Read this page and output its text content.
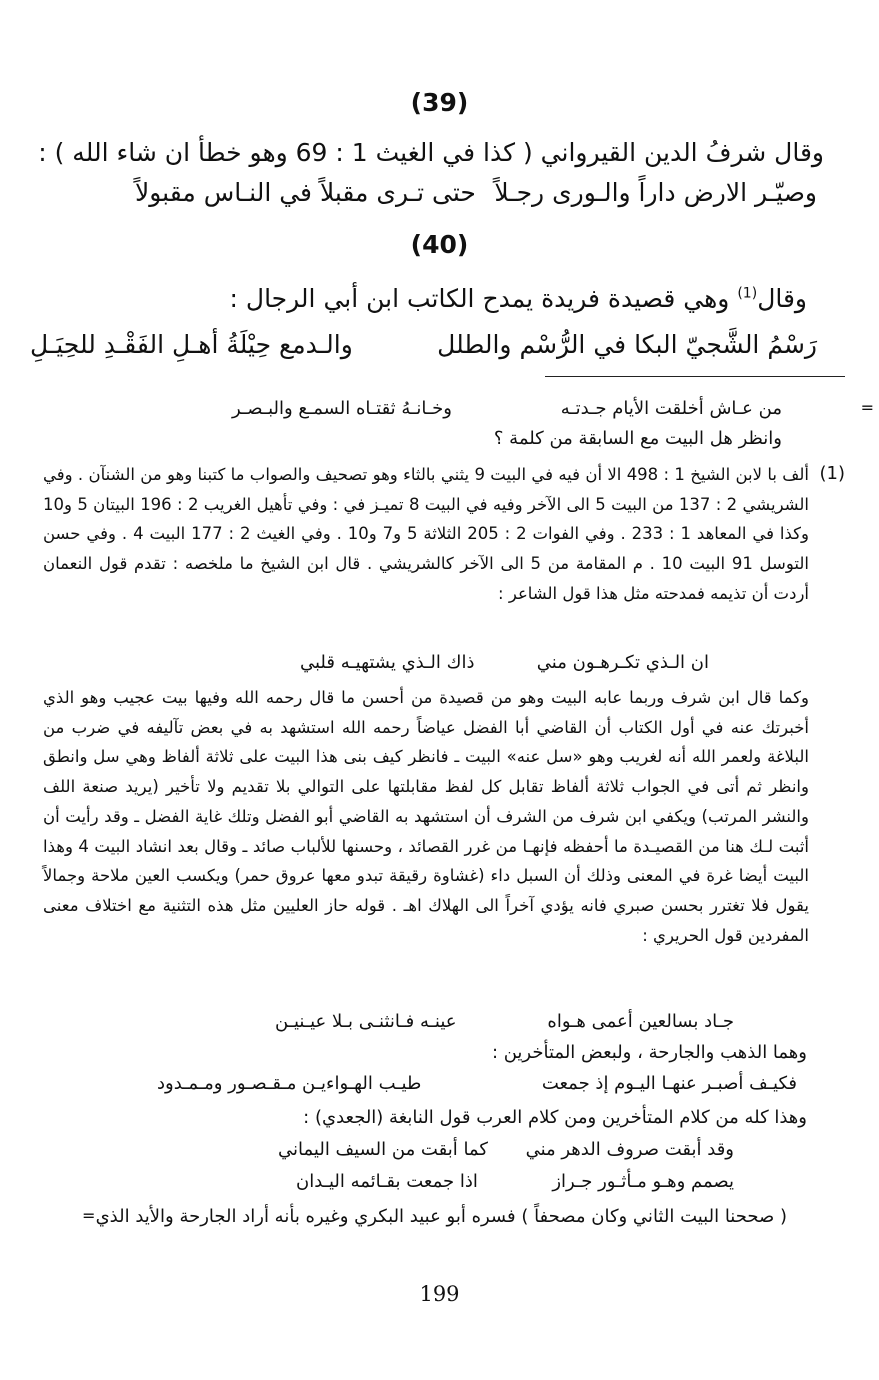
(39)
وقال شرفُ الدين القيرواني ( كذا في الغيث 1 : 69 وهو خطأ ان شاء الله ) :
وصيّـر الارض داراً والـورى رجـلاً
حتى تـرى مقبلاً في النـاس مقبولاً
(40)
وقال$^{(1)}$ وهي قصيدة فريدة يمدح الكاتب ابن أبي الرجال :
رَسْمُ الشَّجيّ البكا في الرُّسْم والطلل
والـدمع حِيْلَةُ أهـلِ الفَقْـدِ للحِيَـلِ
=
من عـاش أخلقت الأيام جـدتـه
وخـانـهُ ثقتـاه السمـع والبـصـر
وانظر هل البيت مع السابقة من كلمة ؟
(1)
ألف با لابن الشيخ 1 : 498 الا أن فيه في البيت 9 يثني بالثاء وهو تصحيف والصواب ما كتبنا وهو من الشنآن . وفي الشريشي 2 : 137 من البيت 5 الى الآخر وفيه في البيت 8 تميـز في : وفي تأهيل الغريب 2 : 196 البيتان 5 و10 وكذا في المعاهد 1 : 233 . وفي الفوات 2 : 205 الثلاثة 5 و7 و10 . وفي الغيث 2 : 177 البيت 4 . وفي حسن التوسل 91 البيت 10 . م المقامة من 5 الى الآخر كالشريشي . قال ابن الشيخ ما ملخصه : تقدم قول النعمان أردت أن تذيمه فمدحته مثل هذا قول الشاعر :
ان الـذي تكـرهـون مني
ذاك الـذي يشتهيـه قلبي
وكما قال ابن شرف وربما عابه البيت وهو من قصيدة من أحسن ما قال رحمه الله وفيها بيت عجيب وهو الذي أخبرتك عنه في أول الكتاب أن القاضي أبا الفضل عياضاً رحمه الله استشهد به في بعض تآليفه في ضرب من البلاغة ولعمر الله أنه لغريب وهو «سل عنه» البيت ـ فانظر كيف بنى هذا البيت على ثلاثة ألفاظ وهي سل وانطق وانظر ثم أتى في الجواب ثلاثة ألفاظ تقابل كل لفظ مقابلتها على التوالي بلا تقديم ولا تأخير (يريد صنعة اللف والنشر المرتب) ويكفي ابن شرف من الشرف أن استشهد به القاضي أبو الفضل وتلك غاية الفضل ـ وقد رأيت أن أثبت لـك هنا من القصيـدة ما أحفظه فإنهـا من غرر القصائد ، وحسنها للألباب صائد ـ وقال بعد انشاد البيت 4 وهذا البيت أيضا غرة في المعنى وذلك أن السبل داء (غشاوة رقيقة تبدو معها عروق حمر) ويكسب العين ملاحة وجمالاً يقول فلا تغترر بحسن صبري فانه يؤدي آخراً الى الهلاك اهـ . قوله حاز العليين مثل هذه التثنية مع اختلاف معنى المفردين قول الحريري :
جـاد بسالعين أعمى هـواه
عينـه فـانثنـى بـلا عيـنيـن
وهما الذهب والجارحة ، ولبعض المتأخرين :
فكيـف أصبـر عنهـا اليـوم إذ جمعت
طيـب الهـواءيـن مـقـصـور ومـمـدود
وهذا كله من كلام المتأخرين ومن كلام العرب قول النابغة (الجعدي) :
وقد أبقت صروف الدهر مني
كما أبقت من السيف اليماني
يصمم وهـو مـأثـور جـراز
اذا جمعت بقـائمه اليـدان
( صححنا البيت الثاني وكان مصحفاً ) فسره أبو عبيد البكري وغيره بأنه أراد الجارحة والأيد الذي
=
199
